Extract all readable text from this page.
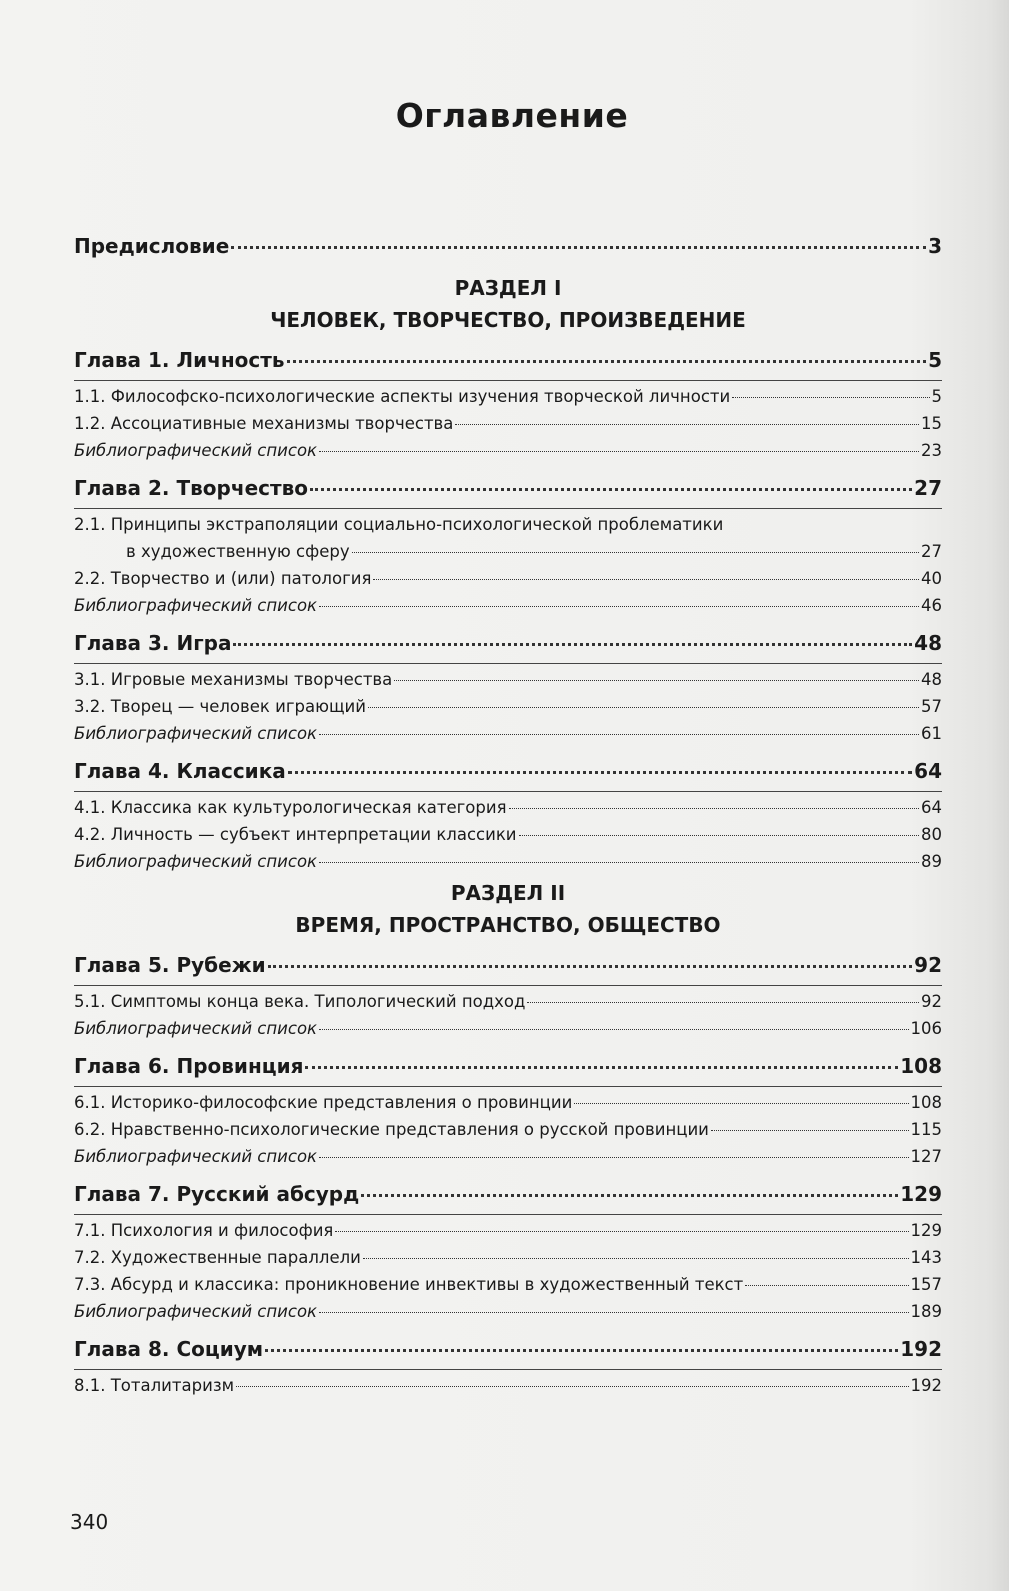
Оглавление
Предисловие	3
РАЗДЕЛ I
ЧЕЛОВЕК, ТВОРЧЕСТВО, ПРОИЗВЕДЕНИЕ
Глава 1. Личность	5
1.1. Философско-психологические аспекты изучения творческой личности	5
1.2. Ассоциативные механизмы творчества	15
Библиографический список	23
Глава 2. Творчество	27
2.1. Принципы экстраполяции социально-психологической проблематики
в художественную сферу	27
2.2. Творчество и (или) патология	40
Библиографический список	46
Глава 3. Игра	48
3.1. Игровые механизмы творчества	48
3.2. Творец — человек играющий	57
Библиографический список	61
Глава 4. Классика	64
4.1. Классика как культурологическая категория	64
4.2. Личность — субъект интерпретации классики	80
Библиографический список	89
РАЗДЕЛ II
ВРЕМЯ, ПРОСТРАНСТВО, ОБЩЕСТВО
Глава 5. Рубежи	92
5.1. Симптомы конца века. Типологический подход	92
Библиографический список	106
Глава 6. Провинция	108
6.1. Историко-философские представления о провинции	108
6.2. Нравственно-психологические представления о русской провинции	115
Библиографический список	127
Глава 7. Русский абсурд	129
7.1. Психология и философия	129
7.2. Художественные параллели	143
7.3. Абсурд и классика: проникновение инвективы в художественный текст	157
Библиографический список	189
Глава 8. Социум	192
8.1. Тоталитаризм	192
340
